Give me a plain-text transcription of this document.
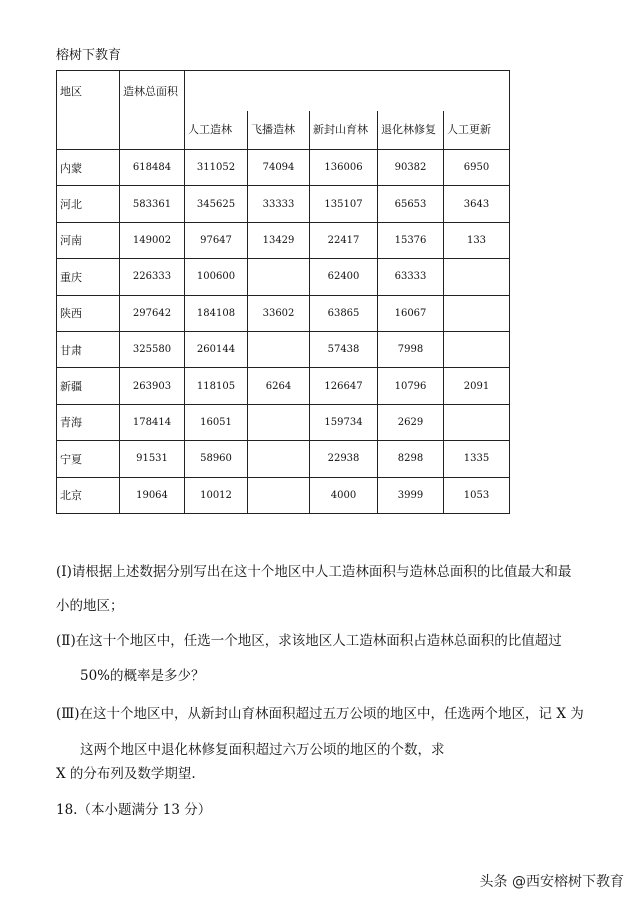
榕树下教育
地区	造林总面积					
		人工造林	飞播造林	新封山育林	退化林修复	人工更新
内蒙	618484	311052	74094	136006	90382	6950
河北	583361	345625	33333	135107	65653	3643
河南	149002	97647	13429	22417	15376	133
重庆	226333	100600		62400	63333	
陕西	297642	184108	33602	63865	16067	
甘肃	325580	260144		57438	7998	
新疆	263903	118105	6264	126647	10796	2091
青海	178414	16051		159734	2629	
宁夏	91531	58960		22938	8298	1335
北京	19064	10012		4000	3999	1053
(I)请根据上述数据分别写出在这十个地区中人工造林面积与造林总面积的比值最大和最
小的地区；
(Ⅱ)在这十个地区中，任选一个地区，求该地区人工造林面积占造林总面积的比值超过
50%的概率是多少？
(Ⅲ)在这十个地区中，从新封山育林面积超过五万公顷的地区中，任选两个地区，记 X 为
这两个地区中退化林修复面积超过六万公顷的地区的个数，求
X 的分布列及数学期望.
18.（本小题满分 13 分）
头条 @西安榕树下教育
